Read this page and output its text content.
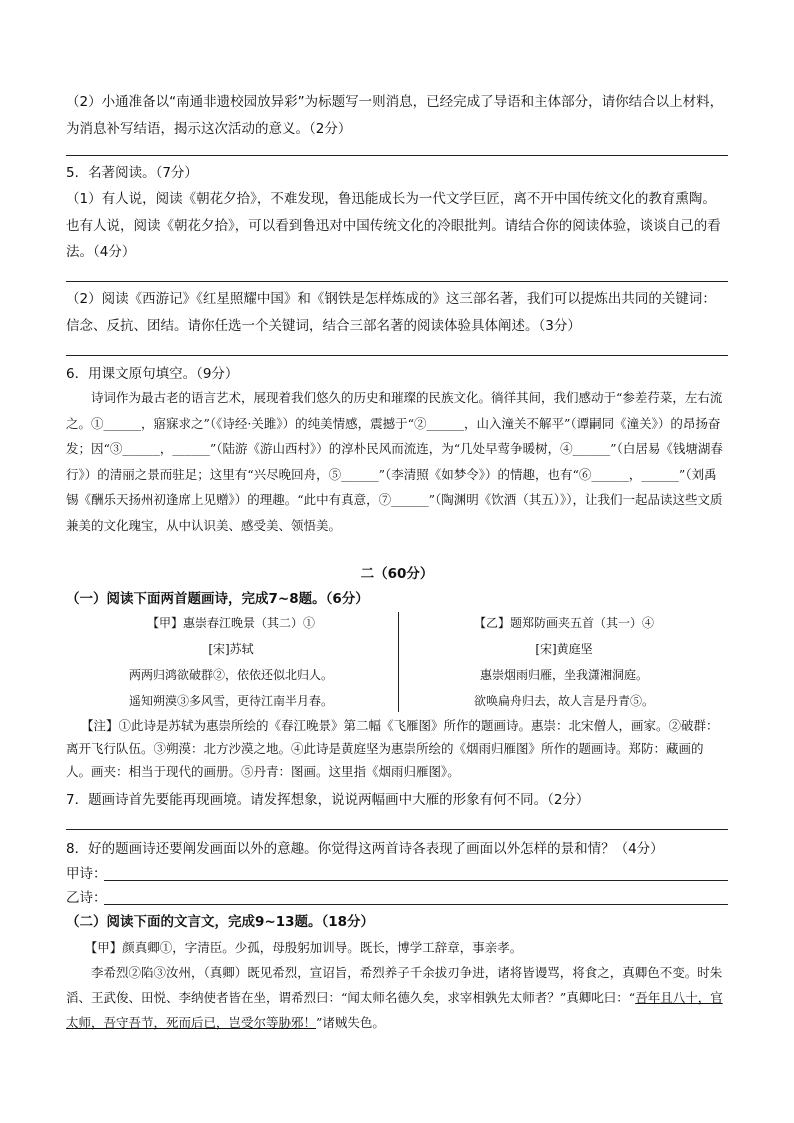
（2）小通准备以“南通非遗校园放异彩”为标题写一则消息，已经完成了导语和主体部分，请你结合以上材料，为消息补写结语，揭示这次活动的意义。（2分）
5．名著阅读。（7分）
（1）有人说，阅读《朝花夕拾》，不难发现，鲁迅能成长为一代文学巨匠，离不开中国传统文化的教育熏陶。也有人说，阅读《朝花夕拾》，可以看到鲁迅对中国传统文化的冷眼批判。请结合你的阅读体验，谈谈自己的看法。（4分）
（2）阅读《西游记》《红星照耀中国》和《钢铁是怎样炼成的》这三部名著，我们可以提炼出共同的关键词：信念、反抗、团结。请你任选一个关键词，结合三部名著的阅读体验具体阐述。（3分）
6．用课文原句填空。（9分）
诗词作为最古老的语言艺术，展现着我们悠久的历史和璀璨的民族文化。徜徉其间，我们感动于“参差荇菜，左右流之。①______，寤寐求之”（《诗经·关雎》）的纯美情感，震撼于“②______，山入潼关不解平”（谭嗣同《潼关》）的昂扬奋发；因“③______，______”（陆游《游山西村》）的淳朴民风而流连，为“几处早莺争暖树，④______”（白居易《钱塘湖春行》）的清丽之景而驻足；这里有“兴尽晚回舟，⑤______”（李清照《如梦令》）的情趣，也有“⑥______，______”（刘禹锡《酬乐天扬州初逢席上见赠》）的理趣。“此中有真意，⑦______”（陶渊明《饮酒（其五）》），让我们一起品读这些文质兼美的文化瑰宝，从中认识美、感受美、领悟美。
二（60分）
（一）阅读下面两首题画诗，完成7~8题。（6分）
【甲】惠崇春江晚景（其二）①
[宋]苏轼
两两归鸿欲破群②，依依还似北归人。
遥知朔漠③多风雪，更待江南半月春。
【乙】题郑防画夹五首（其一）④
[宋]黄庭坚
惠崇烟雨归雁，坐我潇湘洞庭。
欲唤扁舟归去，故人言是丹青⑤。
【注】①此诗是苏轼为惠崇所绘的《春江晚景》第二幅《飞雁图》所作的题画诗。惠崇：北宋僧人，画家。②破群：离开飞行队伍。③朔漠：北方沙漠之地。④此诗是黄庭坚为惠崇所绘的《烟雨归雁图》所作的题画诗。郑防：藏画的人。画夹：相当于现代的画册。⑤丹青：图画。这里指《烟雨归雁图》。
7．题画诗首先要能再现画境。请发挥想象，说说两幅画中大雁的形象有何不同。（2分）
8．好的题画诗还要阐发画面以外的意趣。你觉得这两首诗各表现了画面以外怎样的景和情？（4分）
甲诗：
乙诗：
（二）阅读下面的文言文，完成9~13题。（18分）
【甲】颜真卿①，字清臣。少孤，母殷躬加训导。既长，博学工辞章，事亲孝。
李希烈②陷③汝州，（真卿）既见希烈，宣诏旨，希烈养子千余拔刃争进，诸将皆谩骂，将食之，真卿色不变。时朱滔、王武俊、田悦、李纳使者皆在坐，谓希烈曰：“闻太师名德久矣，求宰相孰先太师者？”真卿叱曰：“吾年且八十，官太师，吾守吾节，死而后已，岂受尔等胁邪！”诸贼失色。
